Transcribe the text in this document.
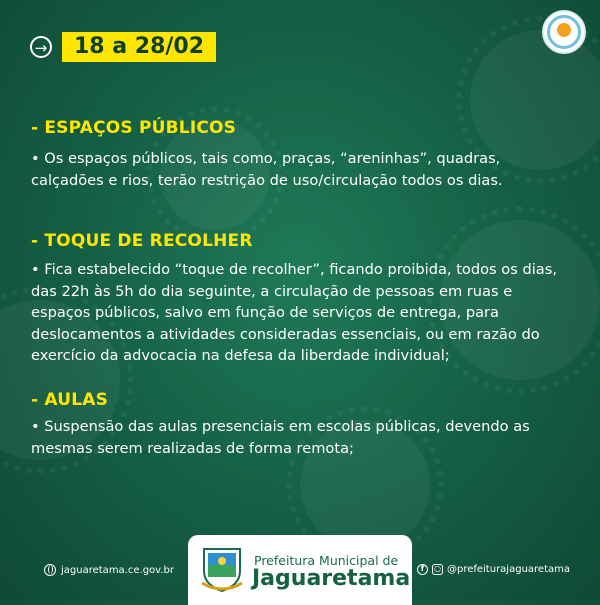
→	18 a 28/02
- ESPAÇOS PÚBLICOS
• Os espaços públicos, tais como, praças, “areninhas”, quadras, calçadões e rios, terão restrição de uso/circulação todos os dias.
- TOQUE DE RECOLHER
• Fica estabelecido “toque de recolher”, ficando proibida, todos os dias, das 22h às 5h do dia seguinte, a circulação de pessoas em ruas e espaços públicos, salvo em função de serviços de entrega, para deslocamentos a atividades consideradas essenciais, ou em razão do exercício da advocacia na defesa da liberdade individual;
- AULAS
• Suspensão das aulas presenciais em escolas públicas, devendo as mesmas serem realizadas de forma remota;
jaguaretama.ce.gov.br	f	○ @prefeiturajaguaretama
Prefeitura Municipal de
Jaguaretama
